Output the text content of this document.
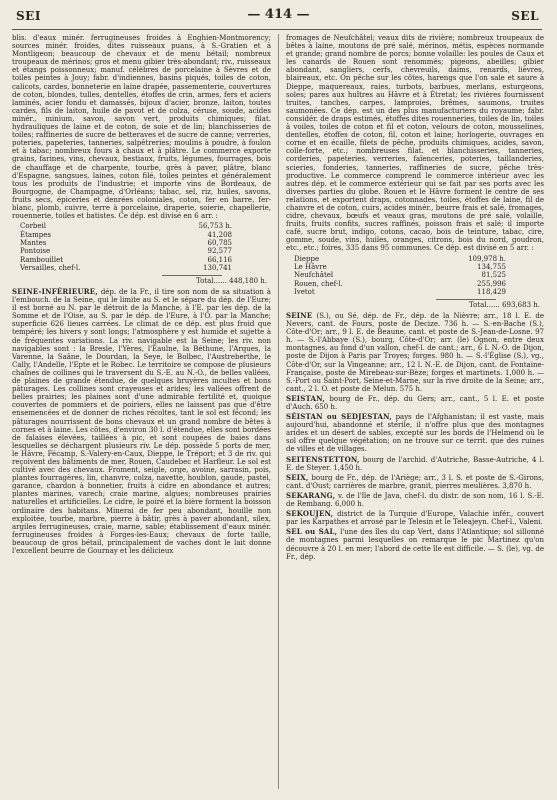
SEI	— 414 —	SEL

blis. d'eaux minér. ferrugineuses froides à Enghien-Montmorency; sources minér. froides, dites ruisseaux puans, à S.-Gratien et à Montligeon; beaucoup de chevaux et de menu bétail; nombreux troupeaux de mérinos; gros et menu gibier très-abondant; riv., ruisseaux et étangs poissonneux; manuf. célèbres de porcelaine à Sèvres et de toiles peintes à Jouy; fabr. d'indiennes, basins piqués, toiles de coton, calicots, cardes, bonneterie en laine drapée, passementerie, couvertures de coton, blondes, tulles, dentelles, étoffes de crin, armes, fers et aciers laminés, acier fondu et damassés, bijoux d'acier, bronze, laiton, toutes cardes, fils de laiton, huile de pavot et de colza, cérusе, soude, acides minér., minium, savon, savon vert, produits chimiques; filat. hydrauliques de laine et de coton, de soie et de lin; blanchisseries de toiles; raffineries de sucre de betteraves et de sucre de canne; verreries, poteries, papeteries, tanneries, salpêtreries; moulins à poudre, à foulon et à tabac; nombreux fours à chaux et à plâtre. Le commerce exporte grains, farines, vins, chevaux, bestiaux, fruits, légumes, fourrages, bois de chauffage et de charpente, tourbe, grès à paver, plâtre, blanc d'Espagne, sangsues, laines, coton filé, toiles peintes et généralement tous les produits de l'industrie; et importe vins de Bordeaux, de Bourgogne, de Champagne, d'Orléans; tabac, sel, riz, huiles, savons, fruits secs, épiceries et denrées coloniales, coton, fer en barre, fer-blanc, plomb, cuivre, terre à porcelaine, draperie, soierie, chapellerie, rouennerie, toiles et batistes. Ce dép. est divisé en 6 arr. :

Corbeil	56,753 h.
Étampes	41,208
Mantes	60,785
Pontoise	92,577
Rambouillet	66,116
Versailles, chef-l.	130,741
Total...... 448,180 h.

SEINE-INFÉRIEURE, dép. de la Fr., il tire son nom de sa situation à l'embouch. de la Seine, qui le limite au S. et le sépare du dép. de l'Eure; il est borné au N. par le détroit de la Manche, à l'E. par les dép. de la Somme et de l'Oise, au S. par le dép. de l'Eure, à l'O. par la Manche; superficie 626 lieues carrées. Le climat de ce dép. est plus froid que tempéré; les hivers y sont longs; l'atmosphère y est humide et sujette à de fréquentes variations. La riv. navigable est la Seine; les riv. non navigables sont : la Bresle, l'Yères, l'Eaulne, la Béthune, l'Arques, la Varenne, la Saâne, le Dourdan, la Seye, le Bolbec, l'Austreberthe, le Cally, l'Andelle, l'Epte et le Robec. Le territoire se compose de plusieurs chaînes de collines qui le traversent du S.-E. au N.-O., de belles vallées, de plaines de grande étendue, de quelques bruyères incultes et bons pâturages. Les collines sont crayeuses et arides; les vallées offrent de belles prairies; les plaines sont d'une admirable fertilité et, quoique couvertes de pommiers et de poiriers, elles ne laissent pas que d'être ensemencées et de donner de riches récoltes, tant le sol est fécond; les pâturages nourrissent de bons chevaux et un grand nombre de bêtes à cornes et à laine. Les côtes, d'environ 30 l. d'étendue, elles sont bordées de falaises élevées, taillées à pic, et sont coupées de baies dans lesquelles se déchargent plusieurs riv. Le dép. possède 5 ports de mer, le Hâvre, Fécamp, S.-Valery-en-Caux, Dieppe, le Tréport; et 3 de riv. qui reçoivent des bâtiments de mer, Rouen, Caudebec et Harfleur. Le sol est cultivé avec des chevaux. Froment, seigle, orge, avoine, sarrasin, pois, plantes fourragères, lin, chanvre, colza, navette, houblon, gaude, pastel, garance, chardon à bonnetier, fruits à cidre en abondance et autres; plantes marines, varech; craie marine, algues; nombreuses prairies naturelles et artificielles. Le cidre, le poiré et la bière forment la boisson ordinaire des habitans. Minerai de fer peu abondant, houille non exploitée, tourbe, marbre, pierre à bâtir, grès à paver abondant, silex, argiles ferrugineuses, craie, marne, sable; établissement d'eaux minér. ferrugineuses froides à Forges-les-Eaux; chevaux de forte taille, beaucoup de gros bétail, principalement de vaches dont le lait donne l'excellent beurre de Gournay et les délicieux

fromages de Neufchâtel; veaux dits de rivière; nombreux troupeaux de bêtes à laine, moutons de pré salé, mérinos, métis, espèces normande et grande; grand nombre de porcs; bonne volaille: les poules de Caux et les canards de Rouen sont renommés; pigeons, abeilles; gibier abondant, sangliers, cerfs, chevreuils, daims, renards, lièvres, blaireaux, etc. On pêche sur les côtes, harengs que l'on sale et saure à Dieppe, maquereaux, raies, turbots, barbues, merlans, esturgeons, soles; pares aux huîtres au Hâvre et à Étretat; les rivières fournissent truites, tanches, carpes, lamproies, brêmes, saumons, truites saumonées. Ce dép. est un des plus manufacturiers du royaume; fabr. considér. de draps estimés, étoffes dites rouenneries, toiles de lin, toiles à voiles, toiles de coton et fil et coton, velours de coton, mousselines, dentelles, étoffes de coton, fil, coton et laine; horlogerie, ouvrages en corne et en écaille, filets de pêche, produits chimiques, acides, savon, colle-forte, etc.; nombreuses filat. et blanchisseries, tanneries, corderies, papeteries, verreries, faïenceries, poteries, taillanderies, scieries, fonderies, tanneries, raffineries de sucre, pêche très-productive. Le commerce comprend le commerce intérieur avec les autres dép. et le commerce extérieur qui se fait par ses ports avec les diverses parties du globe. Rouen et le Hâvre forment le centre de ses relations, et exportent draps, cotonnades, toiles, étoffes de laine, fil de chanvre et de coton, cuirs, acides minér., beurre frais et salé, fromages, cidre, chevaux, bœufs et veaux gras, moutons de pré salé, volaille, fruits, fruits confits, sucres raffinés, poisson frais et salé; il importe café, sucre brut, indigo, cotons, cacao, bois de teinture, tabac, cire, gomme, soude, vins, huiles, oranges, citrons, bois du nord, goudron, etc., etc.; foires, 335 dans 95 communes. Ce dép. est divisé en 5 arr. :

Dieppe	109,978 h.
Le Hâvre	134,755
Neufchâtel	81,525
Rouen, chef-l.	255,996
Ivetot	118,429
Total...... 693,683 h.

SEINE (S.), ou Sé, dép. de Fr., dép. de la Nièvre; arr., 18 l. E. de Nevers, cant. de Fours, poste de Decize. 736 h. — S.-en-Bache (S.), Côte-d'Or; arr., 9 l. E. de Beaune, cant. et poste de S.-Jean-de-Losne. 97 h. — S.-l'Abbaye (S.), bourg, Côte-d'Or; arr. (le) Ognon, entre deux montagnes, au fond d'un vallon, chef-l. de cant.; arr., 6 l. N.-O. de Dijon, poste de Dijon à Paris par Troyes; forges. 980 h. — S.-l'Église (S.), vg., Côte-d'Or, sur la Vingeanne; arr., 12 l. N.-E. de Dijon, cant. de Fontaine-Française, poste de Mirebeau-sur-Bèze; forges et martinets. 1,000 h. — S.-Port ou Saint-Port, Seine-et-Marne, sur la rive droite de la Seine; arr., cant., 2 l. O. et poste de Melun. 575 h.

SEISTAN, bourg de Fr., dép. du Gers; arr., cant., 5 l. E. et poste d'Auch. 650 h.

SÉISTAN ou SEDJESTAN, pays de l'Afghanistan; il est vaste, mais aujourd'hui, abandonné et stérile, il n'offre plus que des montagnes arides et un désert de sables, excepté sur les bords de l'Helmend où le sol offre quelque végétation; on ne trouve sur ce territ. que des ruines de villes et de villages.

SEITENSTETTON, bourg de l'archid. d'Autriche, Basse-Autriche, 4 l. E. de Steyer. 1,450 h.

SEIX, bourg de Fr., dép. de l'Ariège; arr., 3 l. S. et poste de S.-Girons, cant. d'Oust; carrières de marbre, granit, pierres meulières. 3,870 h.

SEKARANG, v. de l'île de Java, chef-l. du distr. de son nom, 16 l. S.-E. de Rembang. 6,000 h.

SEKOUJEN, district de la Turquie d'Europe, Valachie infér., couvert par les Karpathes et arrosé par le Telesin et le Teleajeyn. Chef-l., Valeni.

SEL ou SAL, l'une des îles du cap Vert, dans l'Atlantique; sol sillonné de montagnes parmi lesquelles on remarque le pic Martinez qu'on découvre à 20 l. en mer; l'abord de cette île est difficile. — S. (le), vg. de Fr., dép.
